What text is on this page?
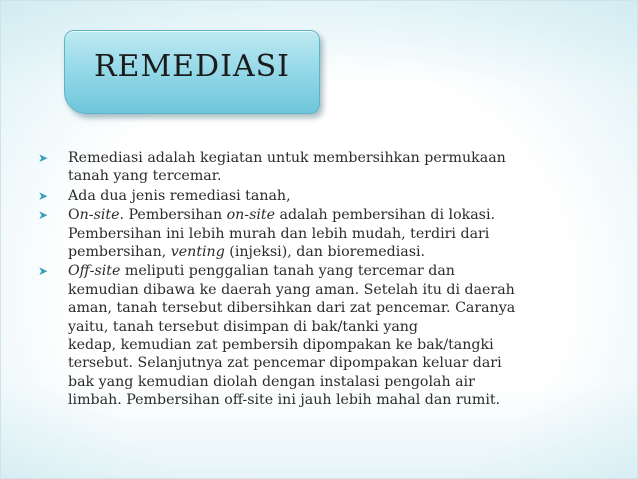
REMEDIASI
➤	Remediasi adalah kegiatan untuk membersihkan permukaan
tanah yang tercemar.
➤	Ada dua jenis remediasi tanah,
➤	On-site. Pembersihan on-site adalah pembersihan di lokasi.
Pembersihan ini lebih murah dan lebih mudah, terdiri dari
pembersihan, venting (injeksi), dan bioremediasi.
➤	Off-site meliputi penggalian tanah yang tercemar dan
kemudian dibawa ke daerah yang aman. Setelah itu di daerah
aman, tanah tersebut dibersihkan dari zat pencemar. Caranya
yaitu, tanah tersebut disimpan di bak/tanki yang
kedap, kemudian zat pembersih dipompakan ke bak/tangki
tersebut. Selanjutnya zat pencemar dipompakan keluar dari
bak yang kemudian diolah dengan instalasi pengolah air
limbah. Pembersihan off-site ini jauh lebih mahal dan rumit.
